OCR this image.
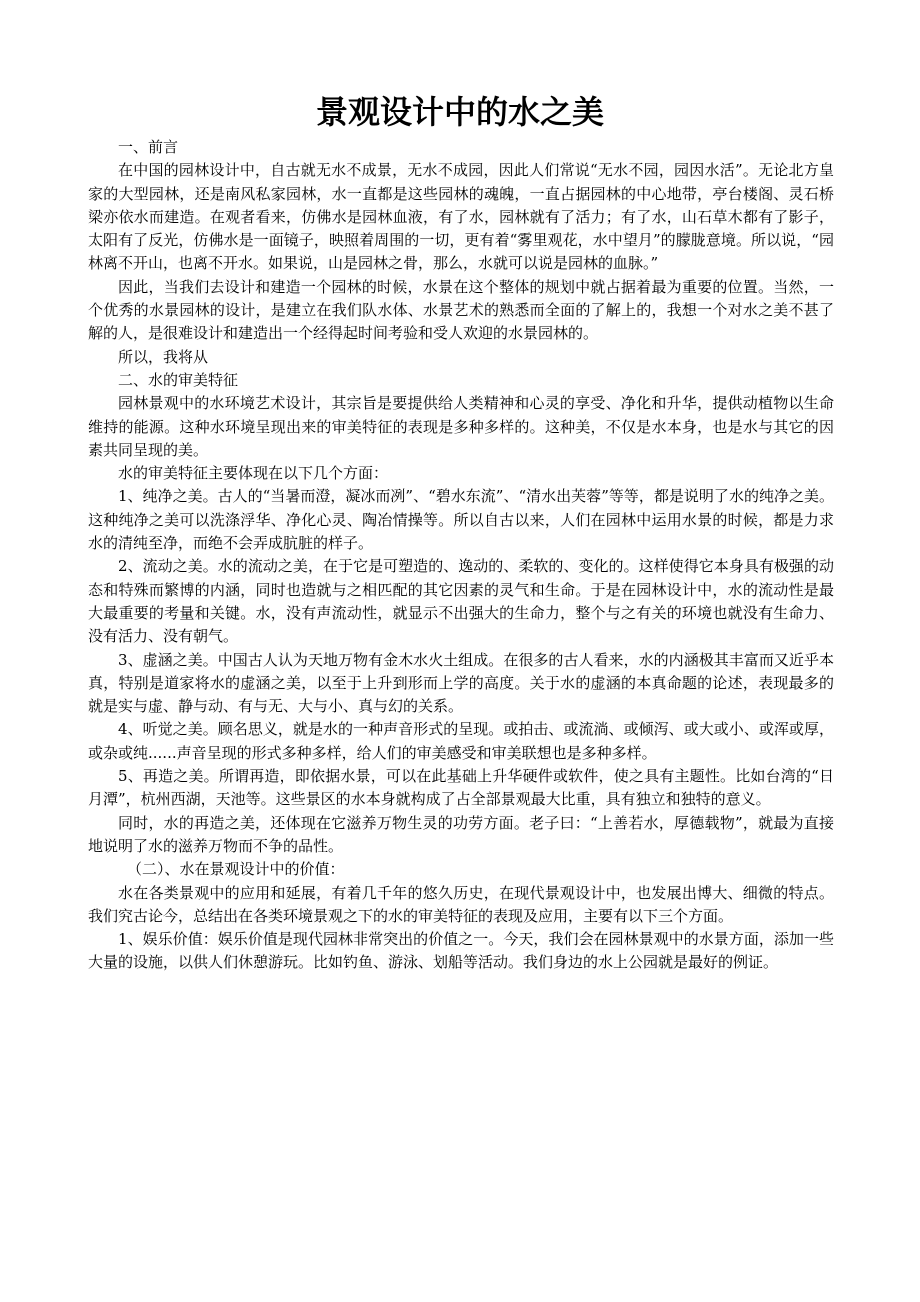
景观设计中的水之美

一、前言

在中国的园林设计中，自古就无水不成景，无水不成园，因此人们常说“无水不园，园因水活”。无论北方皇家的大型园林，还是南风私家园林，水一直都是这些园林的魂魄，一直占据园林的中心地带，亭台楼阁、灵石桥梁亦依水而建造。在观者看来，仿佛水是园林血液，有了水，园林就有了活力；有了水，山石草木都有了影子，太阳有了反光，仿佛水是一面镜子，映照着周围的一切，更有着“雾里观花，水中望月”的朦胧意境。所以说，“园林离不开山，也离不开水。如果说，山是园林之骨，那么，水就可以说是园林的血脉。”

因此，当我们去设计和建造一个园林的时候，水景在这个整体的规划中就占据着最为重要的位置。当然，一个优秀的水景园林的设计，是建立在我们队水体、水景艺术的熟悉而全面的了解上的，我想一个对水之美不甚了解的人，是很难设计和建造出一个经得起时间考验和受人欢迎的水景园林的。

所以，我将从

二、水的审美特征

园林景观中的水环境艺术设计，其宗旨是要提供给人类精神和心灵的享受、净化和升华，提供动植物以生命维持的能源。这种水环境呈现出来的审美特征的表现是多种多样的。这种美，不仅是水本身，也是水与其它的因素共同呈现的美。

水的审美特征主要体现在以下几个方面：

1、纯净之美。古人的“当暑而澄，凝冰而冽”、“碧水东流”、“清水出芙蓉”等等，都是说明了水的纯净之美。这种纯净之美可以洗涤浮华、净化心灵、陶冶情操等。所以自古以来，人们在园林中运用水景的时候，都是力求水的清纯至净，而绝不会弄成肮脏的样子。

2、流动之美。水的流动之美，在于它是可塑造的、逸动的、柔软的、变化的。这样使得它本身具有极强的动态和特殊而繁博的内涵，同时也造就与之相匹配的其它因素的灵气和生命。于是在园林设计中，水的流动性是最大最重要的考量和关键。水，没有声流动性，就显示不出强大的生命力，整个与之有关的环境也就没有生命力、没有活力、没有朝气。

3、虚涵之美。中国古人认为天地万物有金木水火土组成。在很多的古人看来，水的内涵极其丰富而又近乎本真，特别是道家将水的虚涵之美，以至于上升到形而上学的高度。关于水的虚涵的本真命题的论述，表现最多的就是实与虚、静与动、有与无、大与小、真与幻的关系。

4、听觉之美。顾名思义，就是水的一种声音形式的呈现。或拍击、或流淌、或倾泻、或大或小、或浑或厚，或杂或纯......声音呈现的形式多种多样，给人们的审美感受和审美联想也是多种多样。

5、再造之美。所谓再造，即依据水景，可以在此基础上升华硬件或软件，使之具有主题性。比如台湾的“日月潭”，杭州西湖，天池等。这些景区的水本身就构成了占全部景观最大比重，具有独立和独特的意义。

同时，水的再造之美，还体现在它滋养万物生灵的功劳方面。老子曰：“上善若水，厚德载物”，就最为直接地说明了水的滋养万物而不争的品性。

（二）、水在景观设计中的价值：

水在各类景观中的应用和延展，有着几千年的悠久历史，在现代景观设计中，也发展出博大、细微的特点。我们究古论今，总结出在各类环境景观之下的水的审美特征的表现及应用，主要有以下三个方面。

1、娱乐价值：娱乐价值是现代园林非常突出的价值之一。今天，我们会在园林景观中的水景方面，添加一些大量的设施，以供人们休憩游玩。比如钓鱼、游泳、划船等活动。我们身边的水上公园就是最好的例证。
